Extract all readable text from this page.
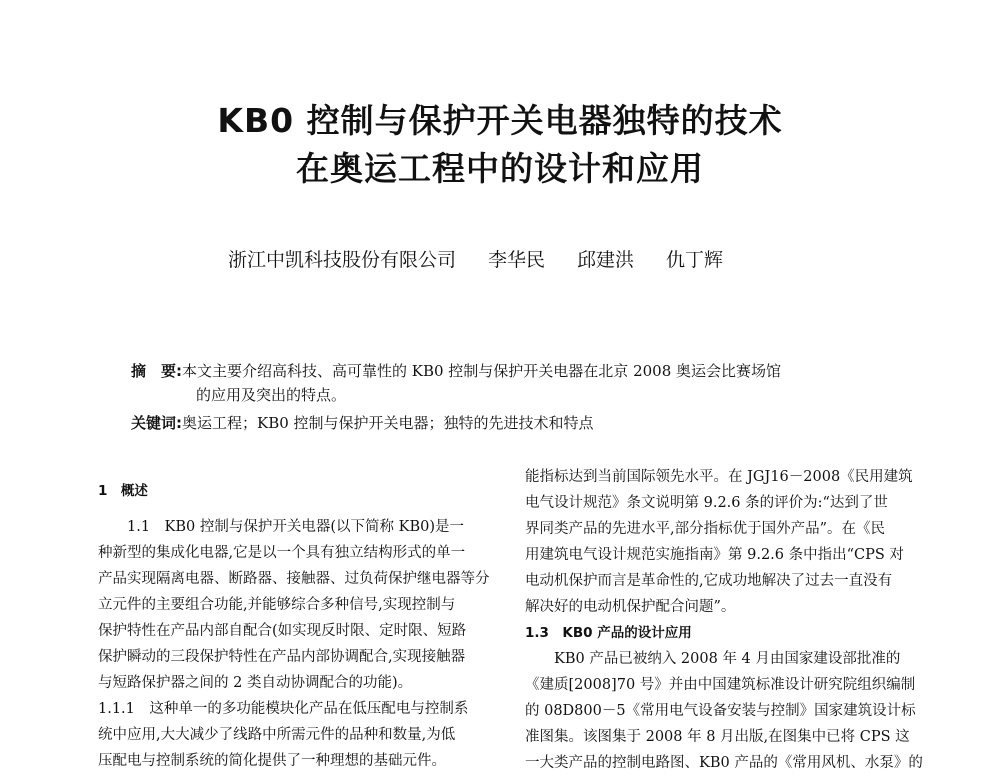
KB0 控制与保护开关电器独特的技术
在奥运工程中的设计和应用
浙江中凯科技股份有限公司 李华民 邱建洪 仇丁辉
摘　要:本文主要介绍高科技、高可靠性的 KB0 控制与保护开关电器在北京 2008 奥运会比赛场馆
的应用及突出的特点。
关键词:奥运工程；KB0 控制与保护开关电器；独特的先进技术和特点

1　概述

1.1　KB0 控制与保护开关电器(以下简称 KB0)是一

种新型的集成化电器,它是以一个具有独立结构形式的单一

产品实现隔离电器、断路器、接触器、过负荷保护继电器等分

立元件的主要组合功能,并能够综合多种信号,实现控制与

保护特性在产品内部自配合(如实现反时限、定时限、短路

保护瞬动的三段保护特性在产品内部协调配合,实现接触器

与短路保护器之间的 2 类自动协调配合的功能)。

1.1.1　这种单一的多功能模块化产品在低压配电与控制系

统中应用,大大减少了线路中所需元件的品种和数量,为低

压配电与控制系统的简化提供了一种理想的基础元件。

能指标达到当前国际领先水平。在 JGJ16－2008《民用建筑

电气设计规范》条文说明第 9.2.6 条的评价为:“达到了世

界同类产品的先进水平,部分指标优于国外产品”。在《民

用建筑电气设计规范实施指南》第 9.2.6 条中指出“CPS 对

电动机保护而言是革命性的,它成功地解决了过去一直没有

解决好的电动机保护配合问题”。

1.3　KB0 产品的设计应用

KB0 产品已被纳入 2008 年 4 月由国家建设部批准的

《建质[2008]70 号》并由中国建筑标准设计研究院组织编制

的 08D800－5《常用电气设备安装与控制》国家建筑设计标

准图集。该图集于 2008 年 8 月出版,在图集中已将 CPS 这

一大类产品的控制电路图、KB0 产品的《常用风机、水泵》的
